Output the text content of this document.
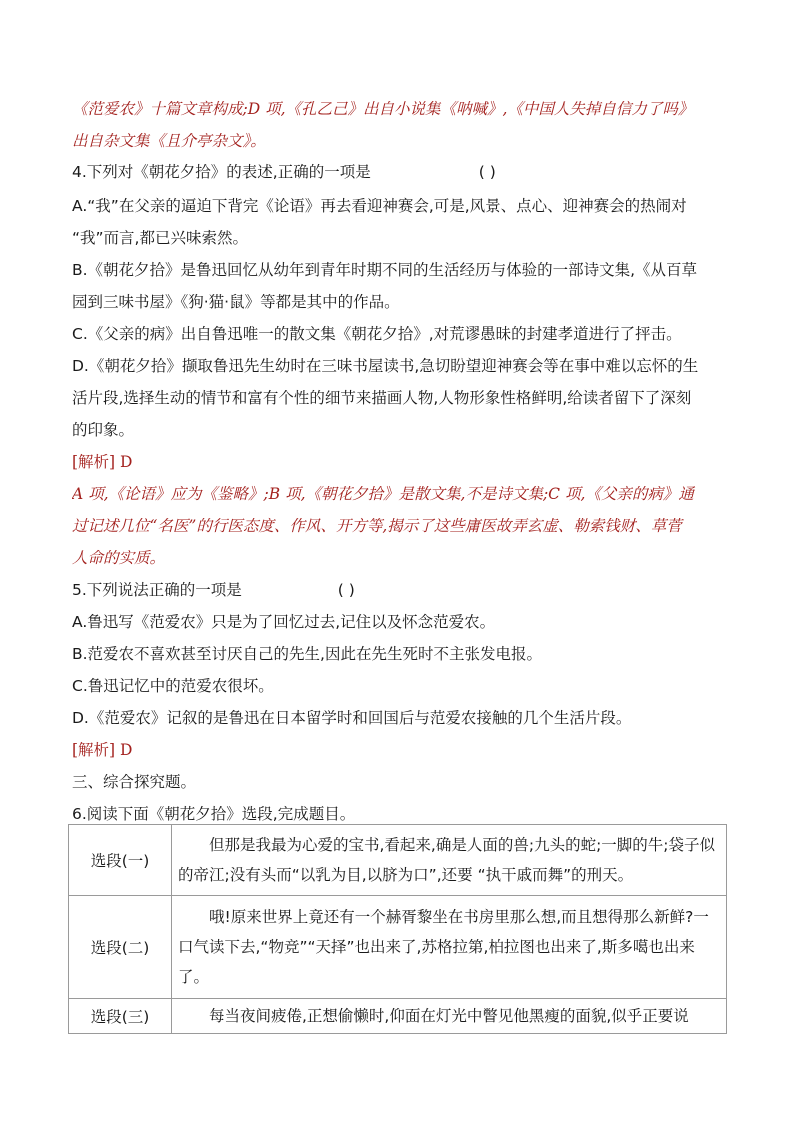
《范爱农》十篇文章构成;D 项,《孔乙己》出自小说集《呐喊》,《中国人失掉自信力了吗》
出自杂文集《且介亭杂文》。
4.下列对《朝花夕拾》的表述,正确的一项是	( )
A.“我”在父亲的逼迫下背完《论语》再去看迎神赛会,可是,风景、点心、迎神赛会的热闹对
“我”而言,都已兴味索然。
B.《朝花夕拾》是鲁迅回忆从幼年到青年时期不同的生活经历与体验的一部诗文集,《从百草
园到三味书屋》《狗·猫·鼠》等都是其中的作品。
C.《父亲的病》出自鲁迅唯一的散文集《朝花夕拾》,对荒谬愚昧的封建孝道进行了抨击。
D.《朝花夕拾》撷取鲁迅先生幼时在三味书屋读书,急切盼望迎神赛会等在事中难以忘怀的生
活片段,选择生动的情节和富有个性的细节来描画人物,人物形象性格鲜明,给读者留下了深刻
的印象。
[解析] D
A 项,《论语》应为《鉴略》;B 项,《朝花夕拾》是散文集,不是诗文集;C 项,《父亲的病》通
过记述几位“名医”的行医态度、作风、开方等,揭示了这些庸医故弄玄虚、勒索钱财、草菅
人命的实质。
5.下列说法正确的一项是	( )
A.鲁迅写《范爱农》只是为了回忆过去,记住以及怀念范爱农。
B.范爱农不喜欢甚至讨厌自己的先生,因此在先生死时不主张发电报。
C.鲁迅记忆中的范爱农很坏。
D.《范爱农》记叙的是鲁迅在日本留学时和回国后与范爱农接触的几个生活片段。
[解析] D
三、综合探究题。
6.阅读下面《朝花夕拾》选段,完成题目。
选段(一)	但那是我最为心爱的宝书,看起来,确是人面的兽;九头的蛇;一脚的牛;袋子似的帝江;没有头而“以乳为目,以脐为口”,还要 “执干戚而舞”的刑天。

选段(二)	哦!原来世界上竟还有一个赫胥黎坐在书房里那么想,而且想得那么新鲜?一口气读下去,“物竞”“天择”也出来了,苏格拉第,柏拉图也出来了,斯多噶也出来了。

选段(三)	每当夜间疲倦,正想偷懒时,仰面在灯光中瞥见他黑瘦的面貌,似乎正要说
